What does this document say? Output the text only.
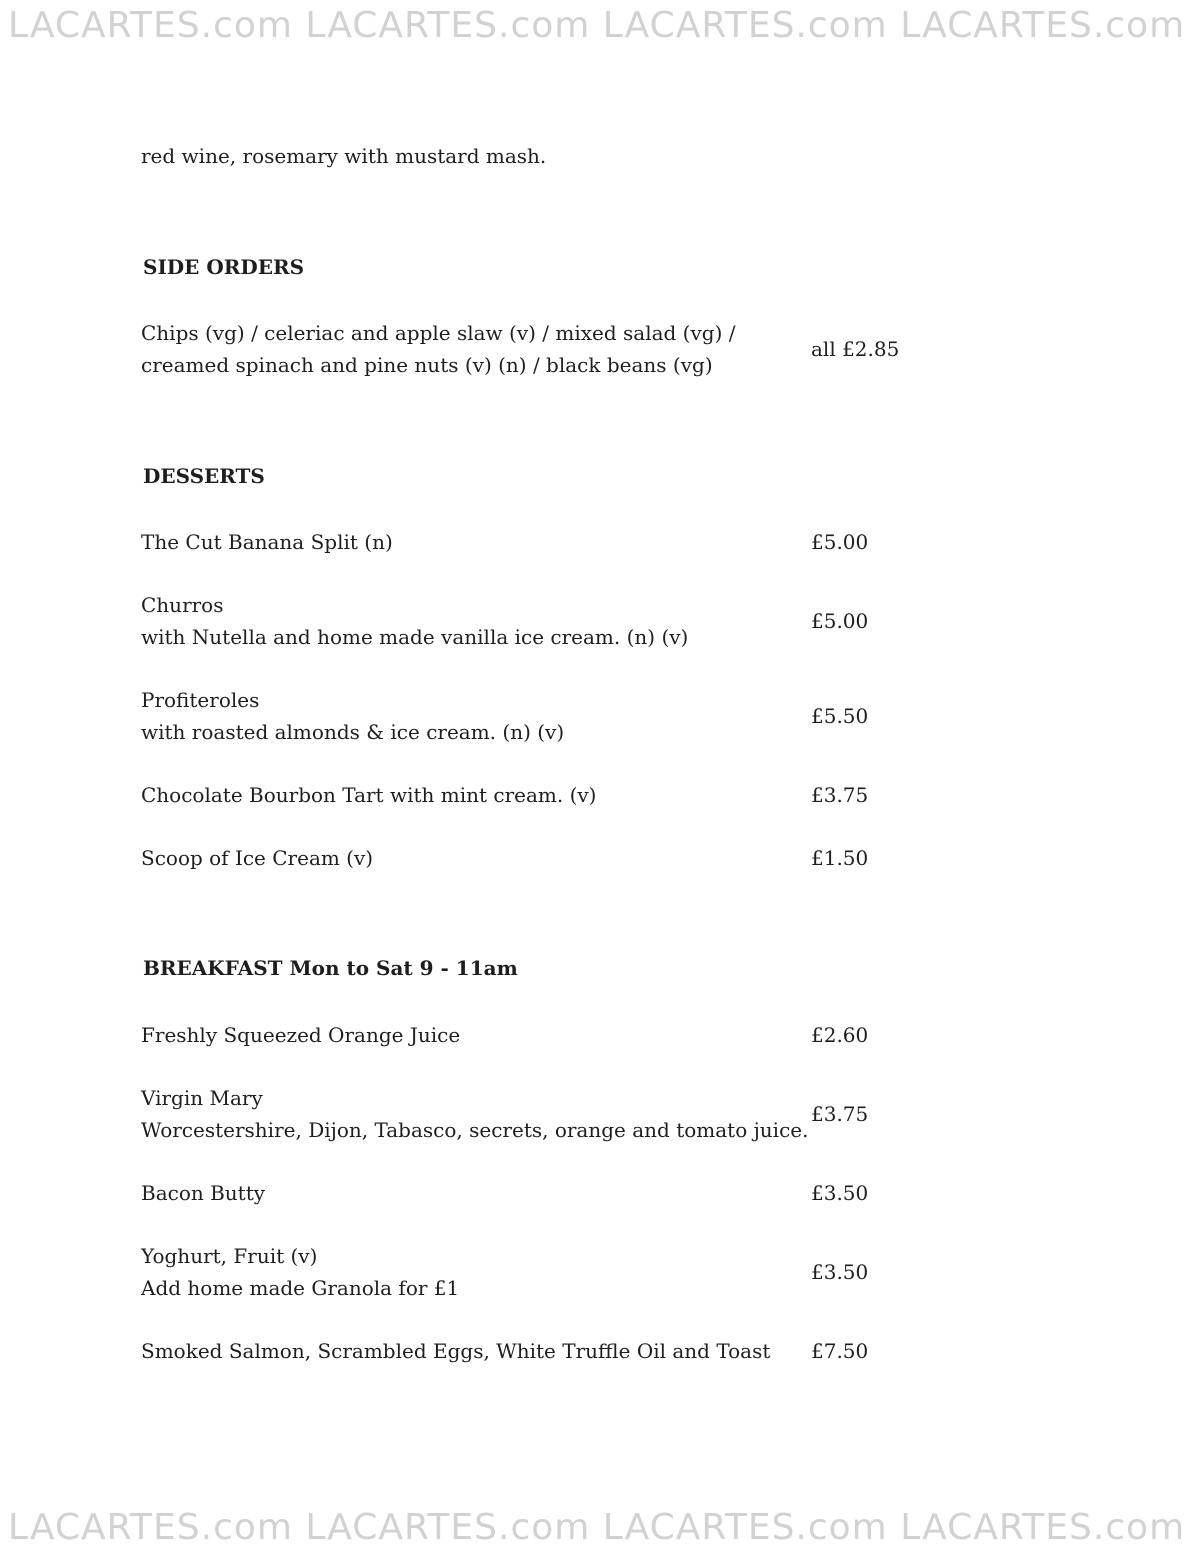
LACARTES.com LACARTES.com LACARTES.com LACARTES.com
red wine, rosemary with mustard mash.
SIDE ORDERS
Chips (vg) / celeriac and apple slaw (v) / mixed salad (vg) /
creamed spinach and pine nuts (v) (n) / black beans (vg)
all £2.85
DESSERTS
The Cut Banana Split (n)	£5.00
Churros
with Nutella and home made vanilla ice cream. (n) (v)
£5.00
Profiteroles
with roasted almonds & ice cream. (n) (v)
£5.50
Chocolate Bourbon Tart with mint cream. (v)	£3.75
Scoop of Ice Cream (v)	£1.50
BREAKFAST Mon to Sat 9 - 11am
Freshly Squeezed Orange Juice	£2.60
Virgin Mary
Worcestershire, Dijon, Tabasco, secrets, orange and tomato juice.
£3.75
Bacon Butty	£3.50
Yoghurt, Fruit (v)
Add home made Granola for £1
£3.50
Smoked Salmon, Scrambled Eggs, White Truffle Oil and Toast £7.50
LACARTES.com LACARTES.com LACARTES.com LACARTES.com
